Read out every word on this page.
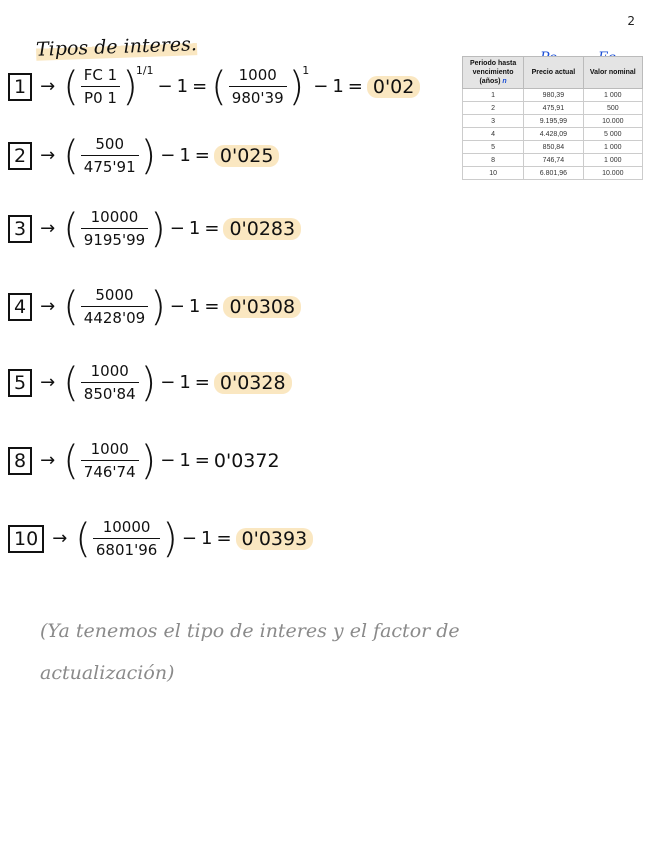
2
Tipos de interes.
Periodo hasta vencimiento (años) n	Precio actual	Valor nominal
1	980,39	1 000
2	475,91	500
3	9.195,99	10.000
4	4.428,09	5 000
5	850,84	1 000
8	746,74	1 000
10	6.801,96	10.000
1 → ( $\frac{FC 1}{P0 1}$ )
1/1
− 1 = ( $\frac{1000}{980'39}$ )
1
− 1 = 0'02
2 → ( $\frac{500}{475'91}$ ) − 1 = 0'025
3 → ( $\frac{10000}{9195'99}$ ) − 1 = 0'0283
4 → ( $\frac{5000}{4428'09}$ ) − 1 = 0'0308
5 → ( $\frac{1000}{850'84}$ ) − 1 = 0'0328
8 → ( $\frac{1000}{746'74}$ ) − 1 = 0'0372
10 → ( $\frac{10000}{6801'96}$ ) − 1 = 0'0393
(Ya tenemos el tipo de interes y el factor de
actualización)
